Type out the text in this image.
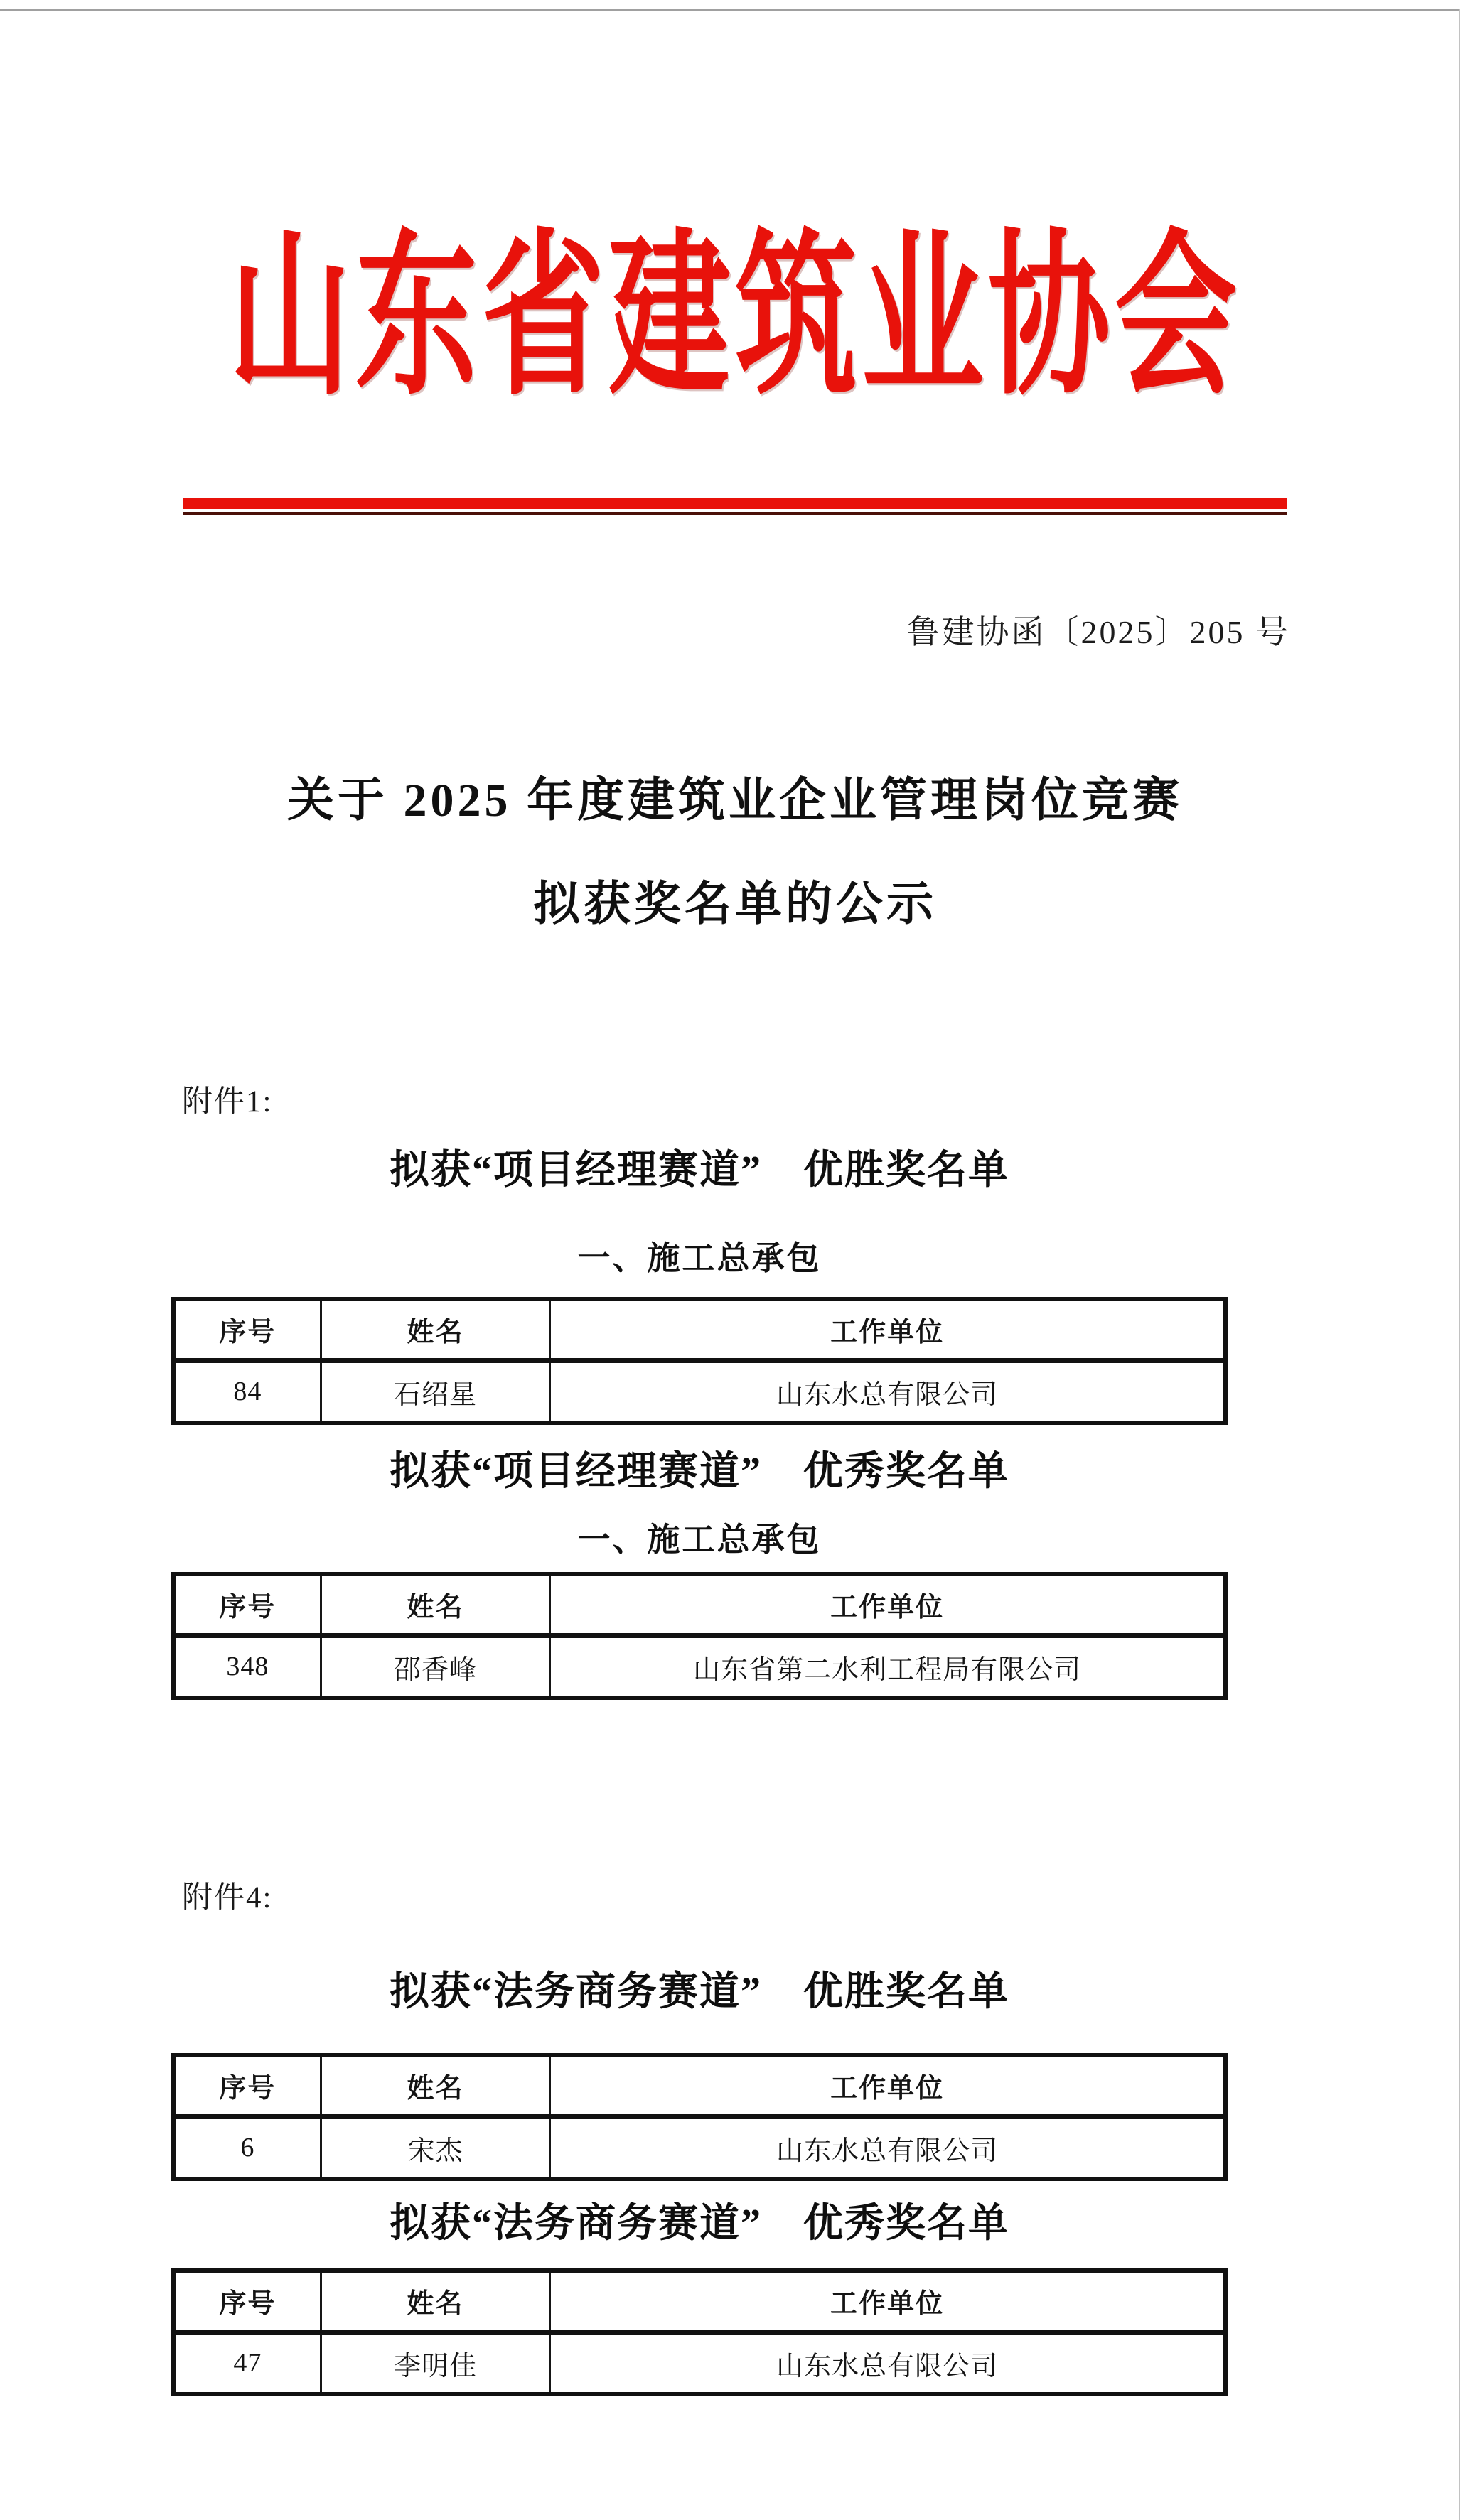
山东省建筑业协会
鲁建协函〔2025〕205 号
关于 2025 年度建筑业企业管理岗位竞赛
拟获奖名单的公示
附件1:
拟获“项目经理赛道”　优胜奖名单
一、施工总承包
序号	姓名	工作单位
84	石绍星	山东水总有限公司
拟获“项目经理赛道”　优秀奖名单
一、施工总承包
序号	姓名	工作单位
348	邵香峰	山东省第二水利工程局有限公司
附件4:
拟获“法务商务赛道”　优胜奖名单
序号	姓名	工作单位
6	宋杰	山东水总有限公司
拟获“法务商务赛道”　优秀奖名单
序号	姓名	工作单位
47	李明佳	山东水总有限公司
